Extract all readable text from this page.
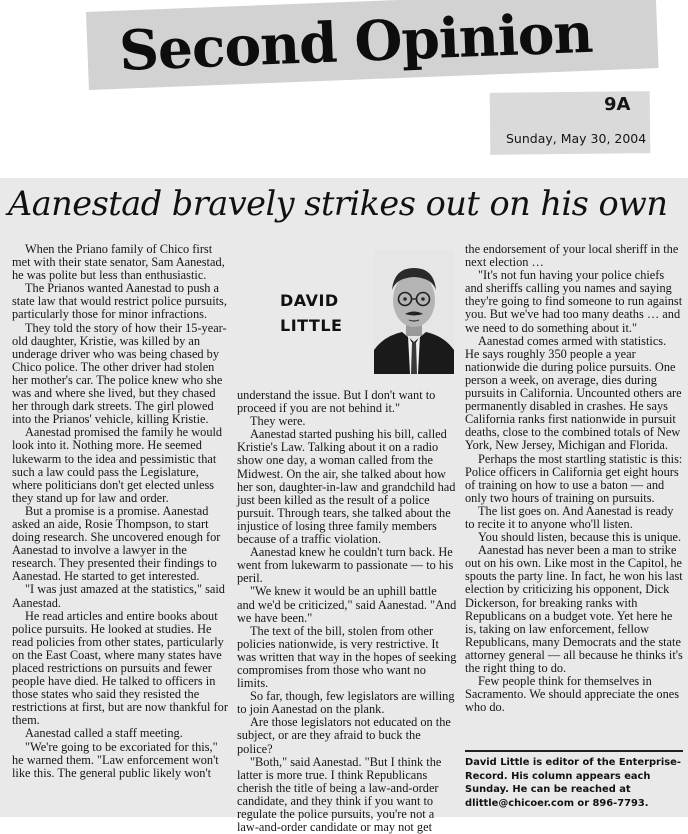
Second Opinion
9A
Sunday, May 30, 2004
Aanestad bravely strikes out on his own

When the Priano family of Chico first met with their state senator, Sam Aanestad, he was polite but less than enthusiastic.

The Prianos wanted Aanestad to push a state law that would restrict police pursuits, particularly those for minor infractions.

They told the story of how their 15-year-old daughter, Kristie, was killed by an underage driver who was being chased by Chico police. The other driver had stolen her mother's car. The police knew who she was and where she lived, but they chased her through dark streets. The girl plowed into the Prianos' vehicle, killing Kristie.

Aanestad promised the family he would look into it. Nothing more. He seemed lukewarm to the idea and pessimistic that such a law could pass the Legislature, where politicians don't get elected unless they stand up for law and order.

But a promise is a promise. Aanestad asked an aide, Rosie Thompson, to start doing research. She uncovered enough for Aanestad to involve a lawyer in the research. They presented their findings to Aanestad. He started to get interested.

"I was just amazed at the statistics," said Aanestad.

He read articles and entire books about police pursuits. He looked at studies. He read policies from other states, particularly on the East Coast, where many states have placed restrictions on pursuits and fewer people have died. He talked to officers in those states who said they resisted the restrictions at first, but are now thankful for them.

Aanestad called a staff meeting.

"We're going to be excoriated for this," he warned them. "Law enforcement won't like this. The general public likely won't

DAVID
LITTLE

understand the issue. But I don't want to proceed if you are not behind it."

They were.

Aanestad started pushing his bill, called Kristie's Law. Talking about it on a radio show one day, a woman called from the Midwest. On the air, she talked about how her son, daughter-in-law and grandchild had just been killed as the result of a police pursuit. Through tears, she talked about the injustice of losing three family members because of a traffic violation.

Aanestad knew he couldn't turn back. He went from lukewarm to passionate — to his peril.

"We knew it would be an uphill battle and we'd be criticized," said Aanestad. "And we have been."

The text of the bill, stolen from other policies nationwide, is very restrictive. It was written that way in the hopes of seeking compromises from those who want no limits.

So far, though, few legislators are willing to join Aanestad on the plank.

Are those legislators not educated on the subject, or are they afraid to buck the police?

"Both," said Aanestad. "But I think the latter is more true. I think Republicans cherish the title of being a law-and-order candidate, and they think if you want to regulate the police pursuits, you're not a law-and-order candidate or may not get

the endorsement of your local sheriff in the next election …

"It's not fun having your police chiefs and sheriffs calling you names and saying they're going to find someone to run against you. But we've had too many deaths … and we need to do something about it."

Aanestad comes armed with statistics. He says roughly 350 people a year nationwide die during police pursuits. One person a week, on average, dies during pursuits in California. Uncounted others are permanently disabled in crashes. He says California ranks first nationwide in pursuit deaths, close to the combined totals of New York, New Jersey, Michigan and Florida.

Perhaps the most startling statistic is this: Police officers in California get eight hours of training on how to use a baton — and only two hours of training on pursuits.

The list goes on. And Aanestad is ready to recite it to anyone who'll listen.

You should listen, because this is unique.

Aanestad has never been a man to strike out on his own. Like most in the Capitol, he spouts the party line. In fact, he won his last election by criticizing his opponent, Dick Dickerson, for breaking ranks with Republicans on a budget vote. Yet here he is, taking on law enforcement, fellow Republicans, many Democrats and the state attorney general — all because he thinks it's the right thing to do.

Few people think for themselves in Sacramento. We should appreciate the ones who do.

David Little is editor of the Enterprise-Record. His column appears each Sunday. He can be reached at dlittle@chicoer.com or 896-7793.
